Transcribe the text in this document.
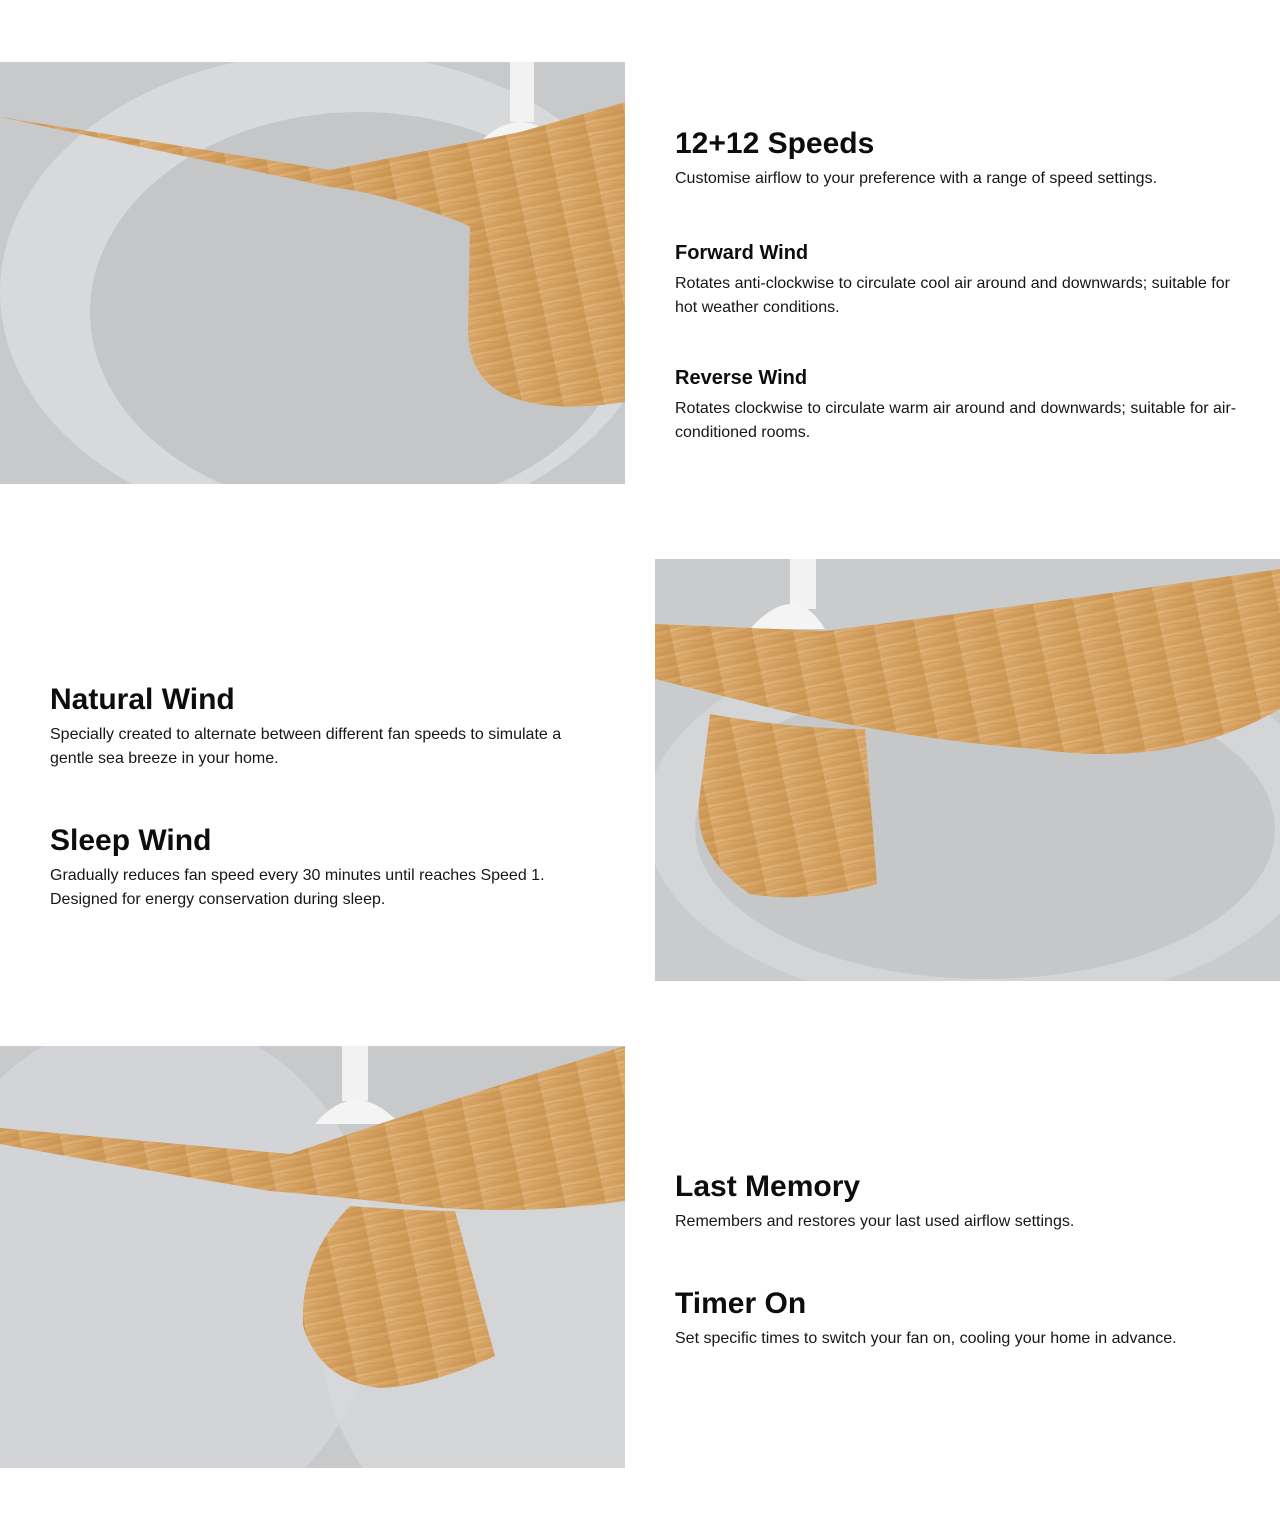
12+12 Speeds

Customise airflow to your preference with a range of speed settings.

Forward Wind

Rotates anti-clockwise to circulate cool air around and downwards; suitable for hot weather conditions.

Reverse Wind

Rotates clockwise to circulate warm air around and downwards; suitable for air-conditioned rooms.

Natural Wind

Specially created to alternate between different fan speeds to simulate a gentle sea breeze in your home.

Sleep Wind

Gradually reduces fan speed every 30 minutes until reaches Speed 1. Designed for energy conservation during sleep.

Last Memory

Remembers and restores your last used airflow settings.

Timer On

Set specific times to switch your fan on, cooling your home in advance.
